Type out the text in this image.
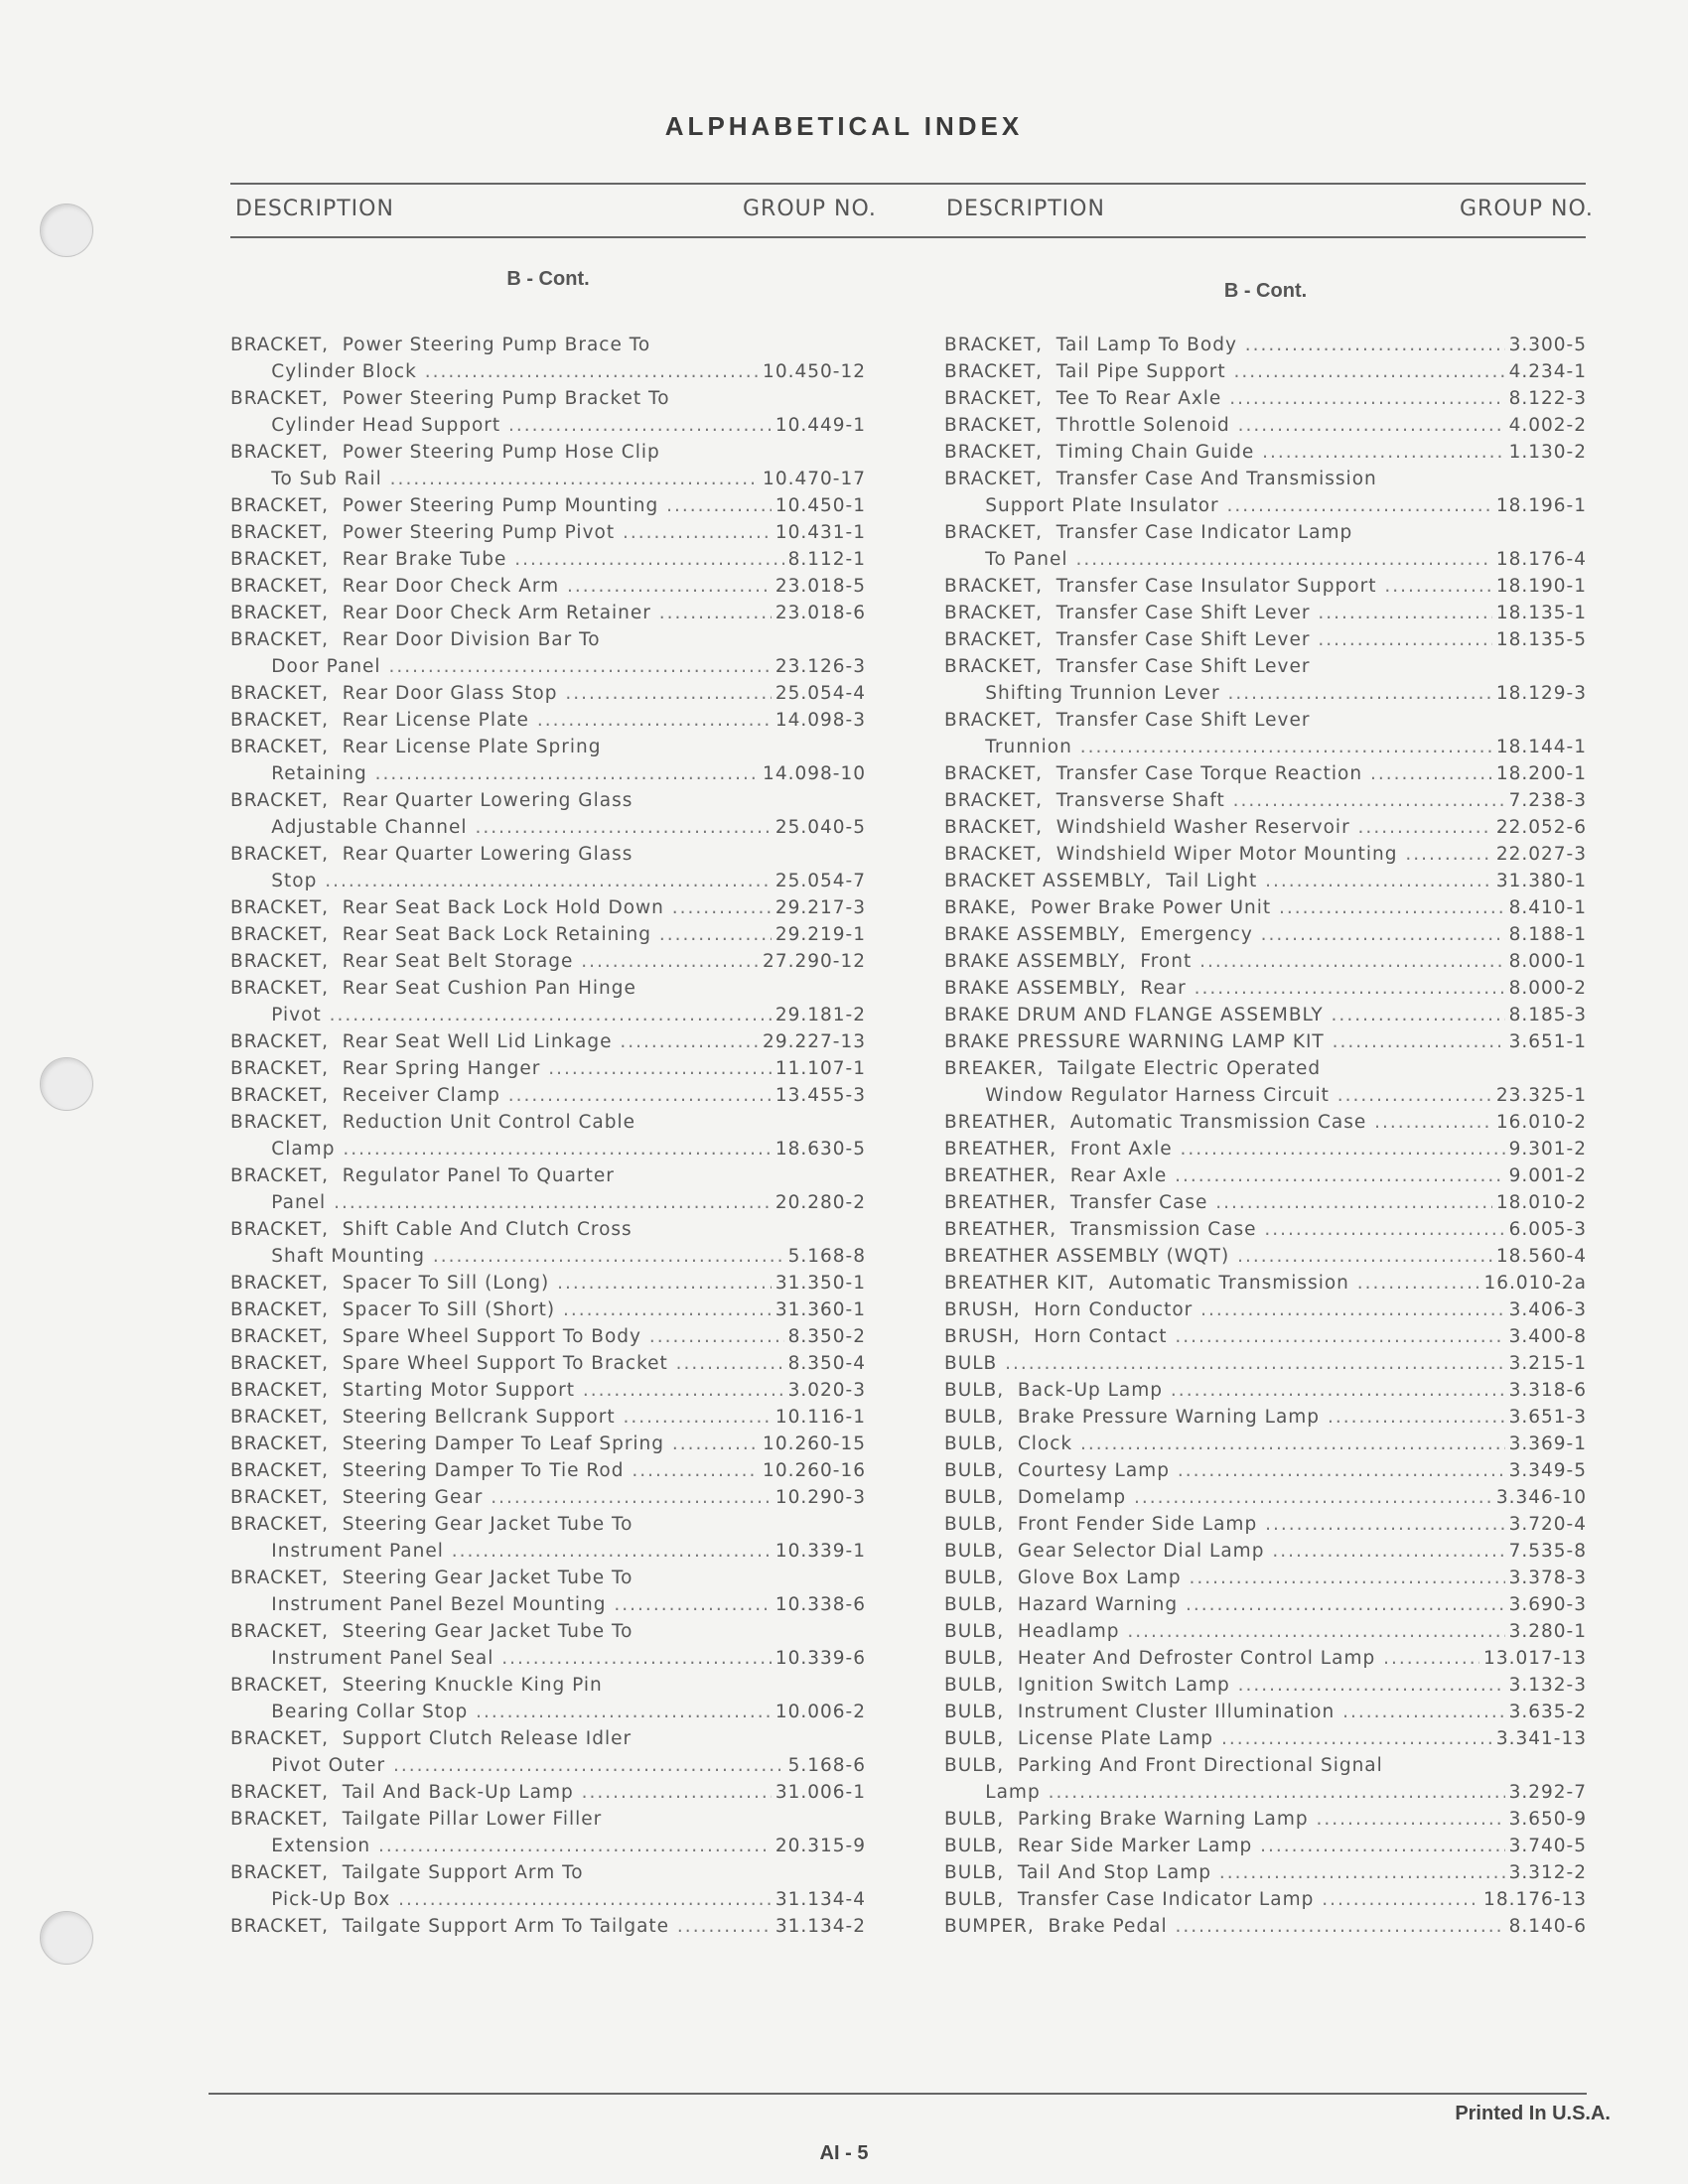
ALPHABETICAL INDEX
DESCRIPTION	GROUP NO.	DESCRIPTION	GROUP NO.
B - Cont.
BRACKET,  Power Steering Pump Brace To
Cylinder Block .....	10.450-12
BRACKET,  Power Steering Pump Bracket To
Cylinder Head Support .....	10.449-1
BRACKET,  Power Steering Pump Hose Clip
To Sub Rail .....	10.470-17
BRACKET,  Power Steering Pump Mounting .....	10.450-1
BRACKET,  Power Steering Pump Pivot .....	10.431-1
BRACKET,  Rear Brake Tube .....	8.112-1
BRACKET,  Rear Door Check Arm .....	23.018-5
BRACKET,  Rear Door Check Arm Retainer .....	23.018-6
BRACKET,  Rear Door Division Bar To
Door Panel .....	23.126-3
BRACKET,  Rear Door Glass Stop .....	25.054-4
BRACKET,  Rear License Plate .....	14.098-3
BRACKET,  Rear License Plate Spring
Retaining .....	14.098-10
BRACKET,  Rear Quarter Lowering Glass
Adjustable Channel .....	25.040-5
BRACKET,  Rear Quarter Lowering Glass
Stop .....	25.054-7
BRACKET,  Rear Seat Back Lock Hold Down .....	29.217-3
BRACKET,  Rear Seat Back Lock Retaining .....	29.219-1
BRACKET,  Rear Seat Belt Storage .....	27.290-12
BRACKET,  Rear Seat Cushion Pan Hinge
Pivot .....	29.181-2
BRACKET,  Rear Seat Well Lid Linkage .....	29.227-13
BRACKET,  Rear Spring Hanger .....	11.107-1
BRACKET,  Receiver Clamp .....	13.455-3
BRACKET,  Reduction Unit Control Cable
Clamp .....	18.630-5
BRACKET,  Regulator Panel To Quarter
Panel .....	20.280-2
BRACKET,  Shift Cable And Clutch Cross
Shaft Mounting .....	5.168-8
BRACKET,  Spacer To Sill (Long) .....	31.350-1
BRACKET,  Spacer To Sill (Short) .....	31.360-1
BRACKET,  Spare Wheel Support To Body .....	8.350-2
BRACKET,  Spare Wheel Support To Bracket .....	8.350-4
BRACKET,  Starting Motor Support .....	3.020-3
BRACKET,  Steering Bellcrank Support .....	10.116-1
BRACKET,  Steering Damper To Leaf Spring .....	10.260-15
BRACKET,  Steering Damper To Tie Rod .....	10.260-16
BRACKET,  Steering Gear .....	10.290-3
BRACKET,  Steering Gear Jacket Tube To
Instrument Panel .....	10.339-1
BRACKET,  Steering Gear Jacket Tube To
Instrument Panel Bezel Mounting .....	10.338-6
BRACKET,  Steering Gear Jacket Tube To
Instrument Panel Seal .....	10.339-6
BRACKET,  Steering Knuckle King Pin
Bearing Collar Stop .....	10.006-2
BRACKET,  Support Clutch Release Idler
Pivot Outer .....	5.168-6
BRACKET,  Tail And Back-Up Lamp .....	31.006-1
BRACKET,  Tailgate Pillar Lower Filler
Extension .....	20.315-9
BRACKET,  Tailgate Support Arm To
Pick-Up Box .....	31.134-4
BRACKET,  Tailgate Support Arm To Tailgate .....	31.134-2
B - Cont.
BRACKET,  Tail Lamp To Body .....	3.300-5
BRACKET,  Tail Pipe Support .....	4.234-1
BRACKET,  Tee To Rear Axle .....	8.122-3
BRACKET,  Throttle Solenoid .....	4.002-2
BRACKET,  Timing Chain Guide .....	1.130-2
BRACKET,  Transfer Case And Transmission
Support Plate Insulator .....	18.196-1
BRACKET,  Transfer Case Indicator Lamp
To Panel .....	18.176-4
BRACKET,  Transfer Case Insulator Support .....	18.190-1
BRACKET,  Transfer Case Shift Lever .....	18.135-1
BRACKET,  Transfer Case Shift Lever .....	18.135-5
BRACKET,  Transfer Case Shift Lever
Shifting Trunnion Lever .....	18.129-3
BRACKET,  Transfer Case Shift Lever
Trunnion .....	18.144-1
BRACKET,  Transfer Case Torque Reaction .....	18.200-1
BRACKET,  Transverse Shaft .....	7.238-3
BRACKET,  Windshield Washer Reservoir .....	22.052-6
BRACKET,  Windshield Wiper Motor Mounting .....	22.027-3
BRACKET ASSEMBLY,  Tail Light .....	31.380-1
BRAKE,  Power Brake Power Unit .....	8.410-1
BRAKE ASSEMBLY,  Emergency .....	8.188-1
BRAKE ASSEMBLY,  Front .....	8.000-1
BRAKE ASSEMBLY,  Rear .....	8.000-2
BRAKE DRUM AND FLANGE ASSEMBLY .....	8.185-3
BRAKE PRESSURE WARNING LAMP KIT .....	3.651-1
BREAKER,  Tailgate Electric Operated
Window Regulator Harness Circuit .....	23.325-1
BREATHER,  Automatic Transmission Case .....	16.010-2
BREATHER,  Front Axle .....	9.301-2
BREATHER,  Rear Axle .....	9.001-2
BREATHER,  Transfer Case .....	18.010-2
BREATHER,  Transmission Case .....	6.005-3
BREATHER ASSEMBLY (WQT) .....	18.560-4
BREATHER KIT,  Automatic Transmission .....	16.010-2a
BRUSH,  Horn Conductor .....	3.406-3
BRUSH,  Horn Contact .....	3.400-8
BULB .....	3.215-1
BULB,  Back-Up Lamp .....	3.318-6
BULB,  Brake Pressure Warning Lamp .....	3.651-3
BULB,  Clock .....	3.369-1
BULB,  Courtesy Lamp .....	3.349-5
BULB,  Domelamp .....	3.346-10
BULB,  Front Fender Side Lamp .....	3.720-4
BULB,  Gear Selector Dial Lamp .....	7.535-8
BULB,  Glove Box Lamp .....	3.378-3
BULB,  Hazard Warning .....	3.690-3
BULB,  Headlamp .....	3.280-1
BULB,  Heater And Defroster Control Lamp .....	13.017-13
BULB,  Ignition Switch Lamp .....	3.132-3
BULB,  Instrument Cluster Illumination .....	3.635-2
BULB,  License Plate Lamp .....	3.341-13
BULB,  Parking And Front Directional Signal
Lamp .....	3.292-7
BULB,  Parking Brake Warning Lamp .....	3.650-9
BULB,  Rear Side Marker Lamp .....	3.740-5
BULB,  Tail And Stop Lamp .....	3.312-2
BULB,  Transfer Case Indicator Lamp .....	18.176-13
BUMPER,  Brake Pedal .....	8.140-6
Printed In U.S.A.
AI - 5
